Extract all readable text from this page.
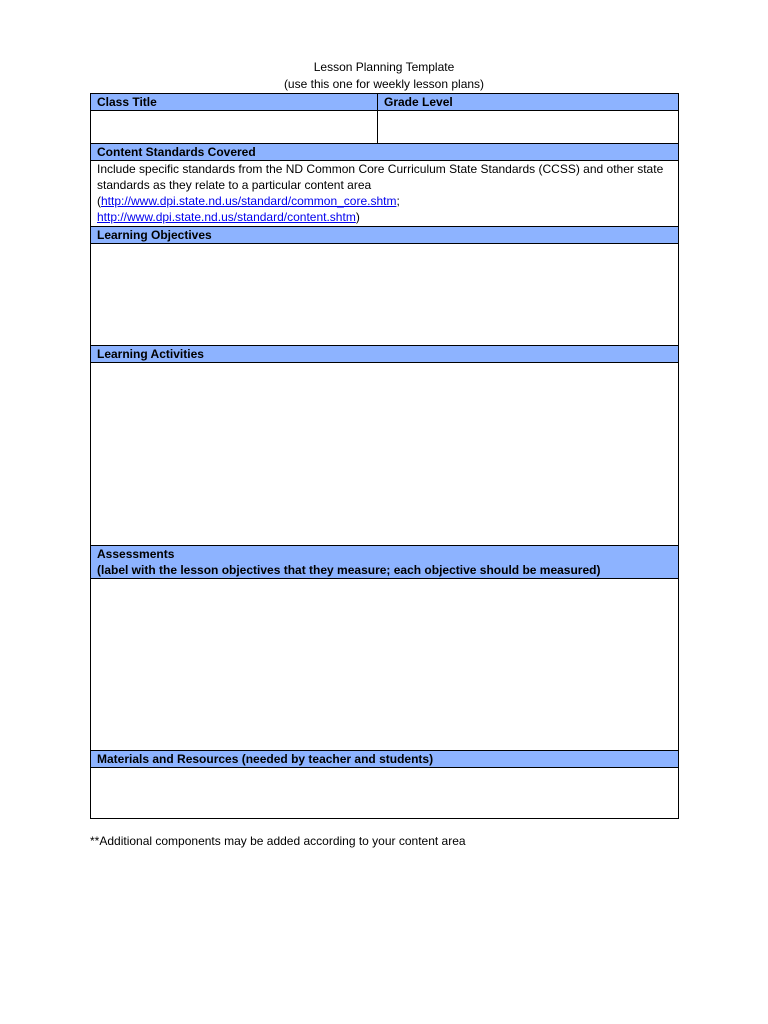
Lesson Planning Template
(use this one for weekly lesson plans)
Class Title	Grade Level

Content Standards Covered	
Include specific standards from the ND Common Core Curriculum State Standards (CCSS) and other state standards as they relate to a particular content area
(http://www.dpi.state.nd.us/standard/common_core.shtm;
http://www.dpi.state.nd.us/standard/content.shtm)	
Learning Objectives	

Learning Activities	

Assessments
(label with the lesson objectives that they measure; each objective should be measured)	

Materials and Resources (needed by teacher and students)	

**Additional components may be added according to your content area
